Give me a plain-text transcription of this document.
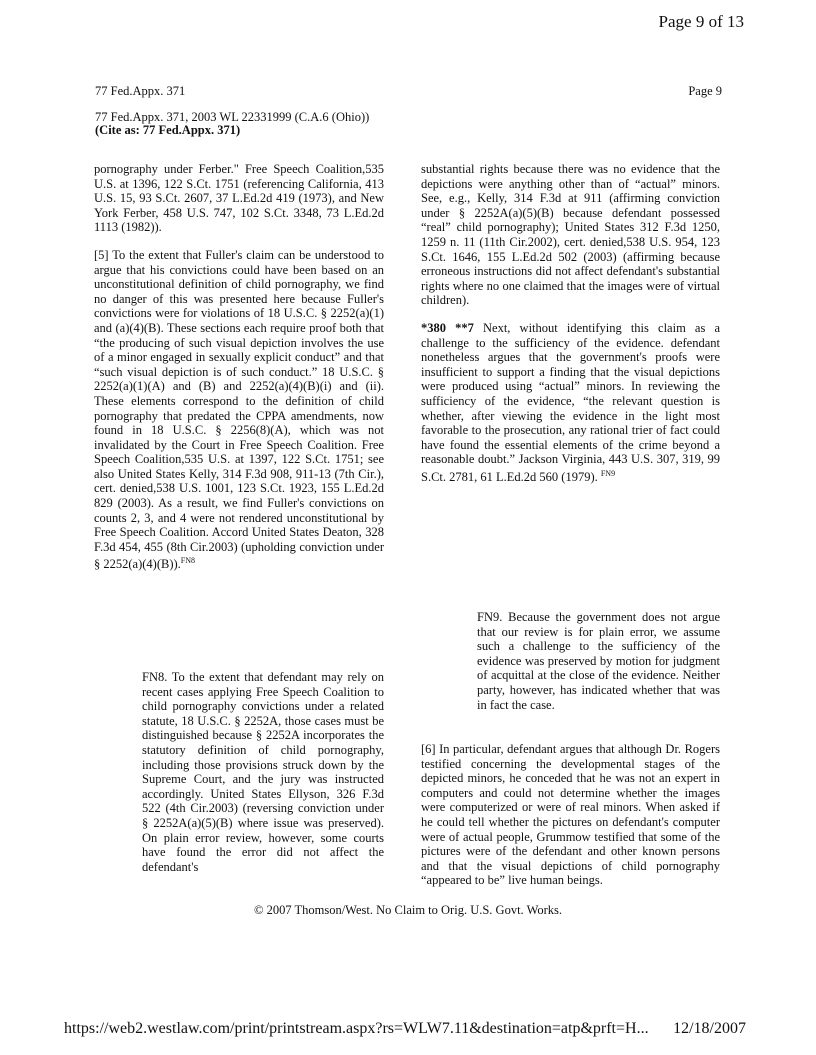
Page 9 of 13
77 Fed.Appx. 371	Page 9
77 Fed.Appx. 371, 2003 WL 22331999 (C.A.6 (Ohio))
(Cite as: 77 Fed.Appx. 371)

pornography under Ferber." Free Speech Coalition,535 U.S. at 1396, 122 S.Ct. 1751 (referencing California, 413 U.S. 15, 93 S.Ct. 2607, 37 L.Ed.2d 419 (1973), and New York Ferber, 458 U.S. 747, 102 S.Ct. 3348, 73 L.Ed.2d 1113 (1982)).

[5] To the extent that Fuller's claim can be understood to argue that his convictions could have been based on an unconstitutional definition of child pornography, we find no danger of this was presented here because Fuller's convictions were for violations of 18 U.S.C. § 2252(a)(1) and (a)(4)(B). These sections each require proof both that “the producing of such visual depiction involves the use of a minor engaged in sexually explicit conduct” and that “such visual depiction is of such conduct.” 18 U.S.C. § 2252(a)(1)(A) and (B) and 2252(a)(4)(B)(i) and (ii). These elements correspond to the definition of child pornography that predated the CPPA amendments, now found in 18 U.S.C. § 2256(8)(A), which was not invalidated by the Court in Free Speech Coalition. Free Speech Coalition,535 U.S. at 1397, 122 S.Ct. 1751; see also United States Kelly, 314 F.3d 908, 911-13 (7th Cir.), cert. denied,538 U.S. 1001, 123 S.Ct. 1923, 155 L.Ed.2d 829 (2003). As a result, we find Fuller's convictions on counts 2, 3, and 4 were not rendered unconstitutional by Free Speech Coalition. Accord United States Deaton, 328 F.3d 454, 455 (8th Cir.2003) (upholding conviction under § 2252(a)(4)(B)).$^{FN8}$

FN8. To the extent that defendant may rely on recent cases applying Free Speech Coalition to child pornography convictions under a related statute, 18 U.S.C. § 2252A, those cases must be distinguished because § 2252A incorporates the statutory definition of child pornography, including those provisions struck down by the Supreme Court, and the jury was instructed accordingly. United States Ellyson, 326 F.3d 522 (4th Cir.2003) (reversing conviction under § 2252A(a)(5)(B) where issue was preserved). On plain error review, however, some courts have found the error did not affect the defendant's

substantial rights because there was no evidence that the depictions were anything other than of “actual” minors. See, e.g., Kelly, 314 F.3d at 911 (affirming conviction under § 2252A(a)(5)(B) because defendant possessed “real” child pornography); United States 312 F.3d 1250, 1259 n. 11 (11th Cir.2002), cert. denied,538 U.S. 954, 123 S.Ct. 1646, 155 L.Ed.2d 502 (2003) (affirming because erroneous instructions did not affect defendant's substantial rights where no one claimed that the images were of virtual children).

*380 **7 Next, without identifying this claim as a challenge to the sufficiency of the evidence. defendant nonetheless argues that the government's proofs were insufficient to support a finding that the visual depictions were produced using “actual” minors. In reviewing the sufficiency of the evidence, “the relevant question is whether, after viewing the evidence in the light most favorable to the prosecution, any rational trier of fact could have found the essential elements of the crime beyond a reasonable doubt.” Jackson Virginia, 443 U.S. 307, 319, 99 S.Ct. 2781, 61 L.Ed.2d 560 (1979). $^{FN9}$

FN9. Because the government does not argue that our review is for plain error, we assume such a challenge to the sufficiency of the evidence was preserved by motion for judgment of acquittal at the close of the evidence. Neither party, however, has indicated whether that was in fact the case.

[6] In particular, defendant argues that although Dr. Rogers testified concerning the developmental stages of the depicted minors, he conceded that he was not an expert in computers and could not determine whether the images were computerized or were of real minors. When asked if he could tell whether the pictures on defendant's computer were of actual people, Grummow testified that some of the pictures were of the defendant and other known persons and that the visual depictions of child pornography “appeared to be” live human beings.

© 2007 Thomson/West. No Claim to Orig. U.S. Govt. Works.
https://web2.westlaw.com/print/printstream.aspx?rs=WLW7.11&destination=atp&prft=H... 12/18/2007
